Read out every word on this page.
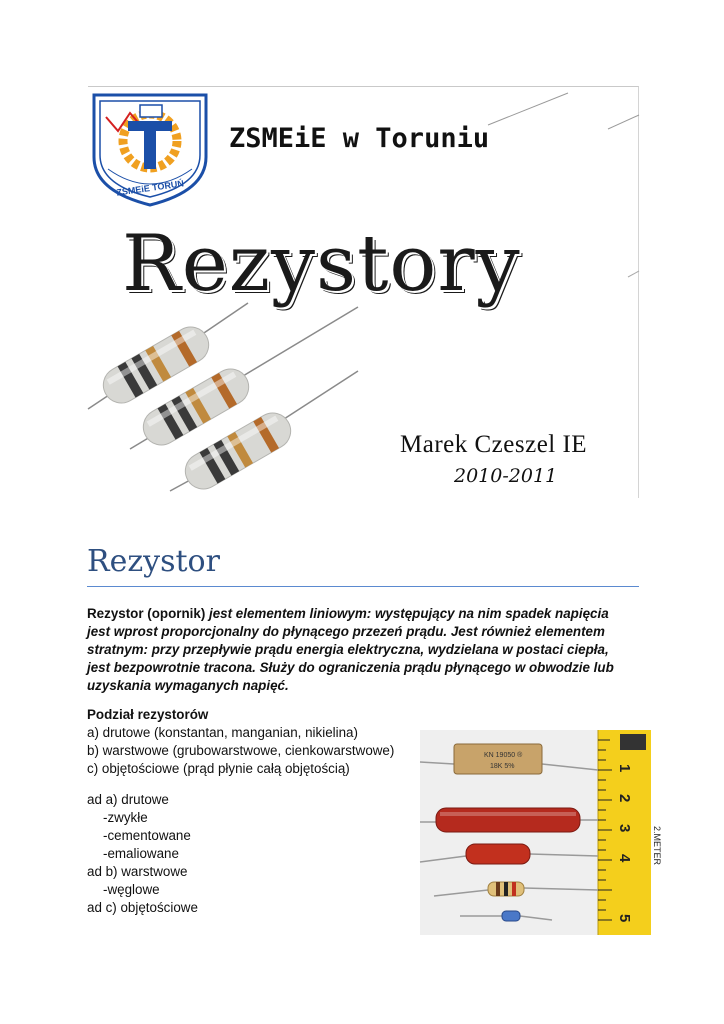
ZSMEiE TORUŃ
ZSMEiE w Toruniu
Rezystory
Marek Czeszel IE
2010-2011
Rezystor

Rezystor (opornik) jest elementem liniowym: występujący na nim spadek napięcia jest wprost proporcjonalny do płynącego przezeń prądu. Jest również elementem stratnym: przy przepływie prądu energia elektryczna, wydzielana w postaci ciepła, jest bezpowrotnie tracona. Służy do ograniczenia prądu płynącego w obwodzie lub uzyskania wymaganych napięć.

Podział rezystorów
a) drutowe (konstantan, manganian, nikielina)
b) warstwowe (grubowarstwowe, cienkowarstwowe)
c) objętościowe (prąd płynie całą objętością)
ad a) drutowe
-zwykłe
-cementowane
-emaliowane
ad b) warstwowe
-węglowe
ad c) objętościowe
1
2
3
4
5
2.METER
KN 19050 ®
18K 5%
